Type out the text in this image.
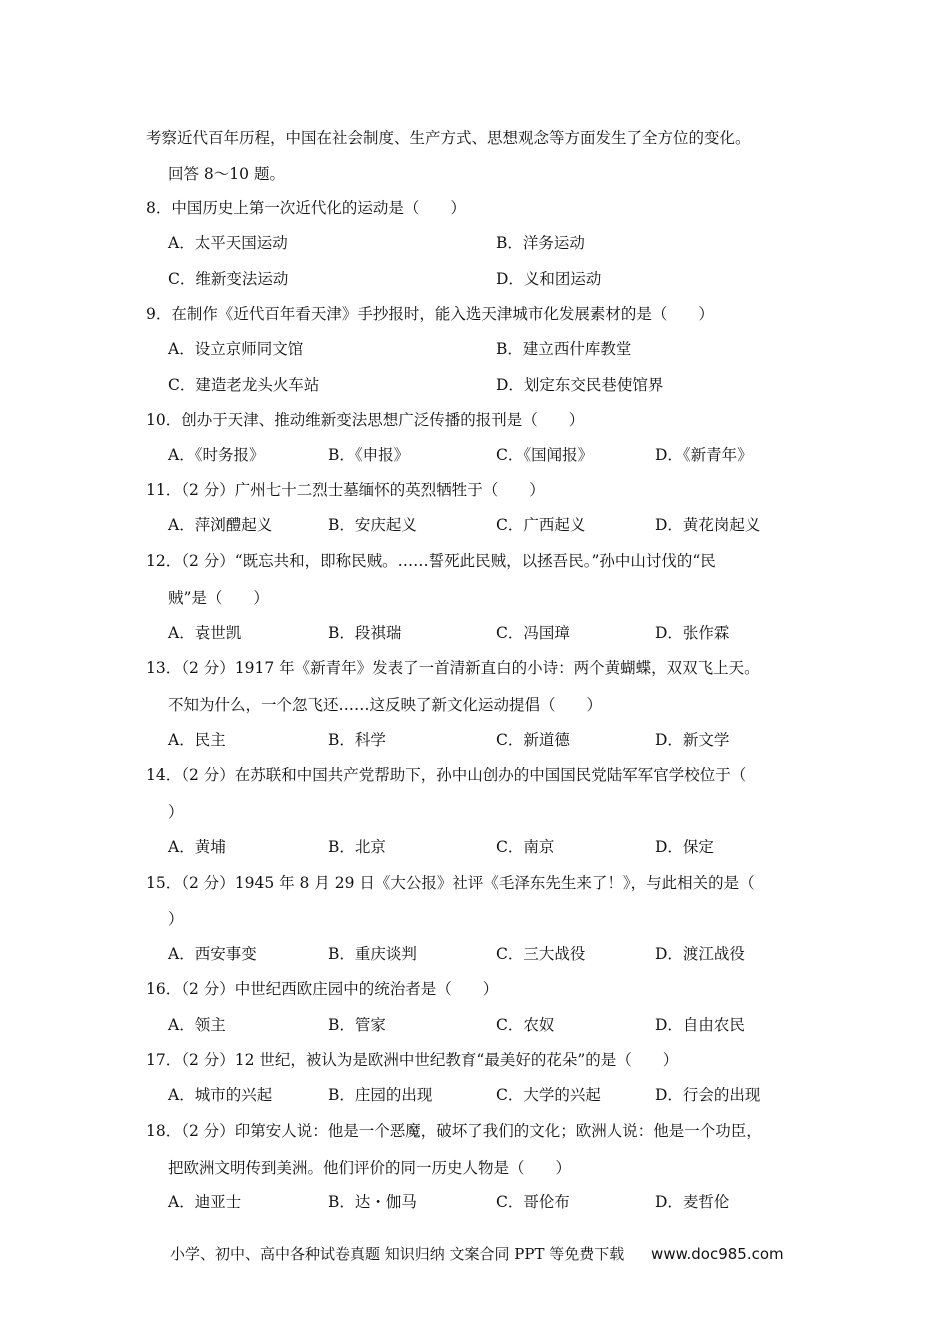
考察近代百年历程，中国在社会制度、生产方式、思想观念等方面发生了全方位的变化。
回答 8～10 题。
8．中国历史上第一次近代化的运动是（　　）
A．太平天国运动	B．洋务运动
C．维新变法运动	D．义和团运动
9．在制作《近代百年看天津》手抄报时，能入选天津城市化发展素材的是（　　）
A．设立京师同文馆	B．建立西什库教堂
C．建造老龙头火车站	D．划定东交民巷使馆界
10．创办于天津、推动维新变法思想广泛传播的报刊是（　　）
A．《时务报》	B．《申报》	C．《国闻报》	D．《新青年》
11．（2 分）广州七十二烈士墓缅怀的英烈牺牲于（　　）
A．萍浏醴起义	B．安庆起义	C．广西起义	D．黄花岗起义
12．（2 分）“既忘共和，即称民贼。……誓死此民贼，以拯吾民。”孙中山讨伐的“民
贼”是（　　）
A．袁世凯	B．段祺瑞	C．冯国璋	D．张作霖
13．（2 分）1917 年《新青年》发表了一首清新直白的小诗：两个黄蝴蝶，双双飞上天。
不知为什么，一个忽飞还……这反映了新文化运动提倡（　　）
A．民主	B．科学	C．新道德	D．新文学
14．（2 分）在苏联和中国共产党帮助下，孙中山创办的中国国民党陆军军官学校位于（
）
A．黄埔	B．北京	C．南京	D．保定
15．（2 分）1945 年 8 月 29 日《大公报》社评《毛泽东先生来了！》，与此相关的是（
）
A．西安事变	B．重庆谈判	C．三大战役	D．渡江战役
16．（2 分）中世纪西欧庄园中的统治者是（　　）
A．领主	B．管家	C．农奴	D．自由农民
17．（2 分）12 世纪，被认为是欧洲中世纪教育“最美好的花朵”的是（　　）
A．城市的兴起	B．庄园的出现	C．大学的兴起	D．行会的出现
18．（2 分）印第安人说：他是一个恶魔，破坏了我们的文化；欧洲人说：他是一个功臣，
把欧洲文明传到美洲。他们评价的同一历史人物是（　　）
A．迪亚士	B．达・伽马	C．哥伦布	D．麦哲伦
小学、初中、高中各种试卷真题 知识归纳 文案合同 PPT 等免费下载 www.doc985.com
